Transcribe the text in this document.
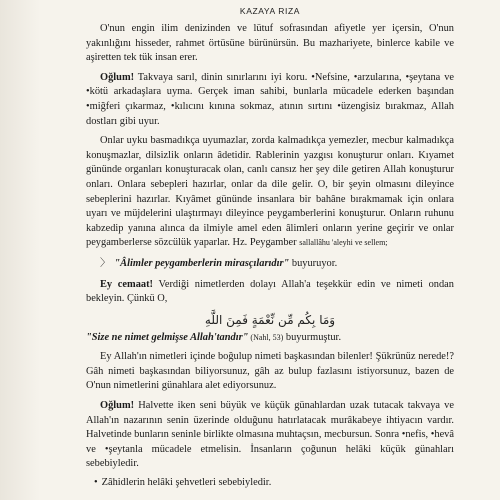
KAZAYA RIZA

O'nun engin ilim denizinden ve lütuf sofrasından afiyetle yer içersin, O'nun yakınlığını hisseder, rahmet örtüsüne bürünürsün. Bu mazhariyete, binlerce kabile ve aşiretten tek tük insan erer.

Oğlum! Takvaya sarıl, dinin sınırlarını iyi koru. •Nefsine, •arzularına, •şeytana ve •kötü arkadaşlara uyma. Gerçek iman sahibi, bunlarla mücadele ederken başından •miğferi çıkarmaz, •kılıcını kınına sokmaz, atının sırtını •üzengisiz bırakmaz, Allah dostları gibi uyur.

Onlar uyku basmadıkça uyumazlar, zorda kalmadıkça yemezler, mecbur kalmadıkça konuşmazlar, dilsizlik onların âdetidir. Rablerinin yazgısı konuşturur onları. Kıyamet gününde organları konuşturacak olan, canlı cansız her şey dile getiren Allah konuşturur onları. Onlara sebepleri hazırlar, onlar da dile gelir. O, bir şeyin olmasını dileyince sebeplerini hazırlar. Kıyâmet gününde insanlara bir bahâne bırakmamak için onlara uyarı ve müjdelerini ulaştırmayı dileyince peygamberlerini konuşturur. Onların ruhunu kabzedip yanına alınca da ilmiyle amel eden âlimleri onların yerine geçirir ve onlar peygamberlerse sözcülük yaparlar. Hz. Peygamber sallallâhu 'aleyhi ve sellem;

〉 "Âlimler peygamberlerin mirasçılarıdır" buyuruyor.

Ey cemaat! Verdiği nimetlerden dolayı Allah'a teşekkür edin ve nimeti ondan bekleyin. Çünkü O,

وَمَا بِكُم مِّن نِّعْمَةٍ فَمِنَ اللَّهِ

"Size ne nimet gelmişse Allah'tandır" (Nahl, 53) buyurmuştur.

Ey Allah'ın nimetleri içinde boğulup nimeti başkasından bilenler! Şükrünüz nerede!? Gâh nimeti başkasından biliyorsunuz, gâh az bulup fazlasını istiyorsunuz, bazen de O'nun nimetlerini günahlara alet ediyorsunuz.

Oğlum! Halvette iken seni büyük ve küçük günahlardan uzak tutacak takvaya ve Allah'ın nazarının senin üzerinde olduğunu hatırlatacak murâkabeye ihtiyacın vardır. Halvetinde bunların seninle birlikte olmasına muhtaçsın, mecbursun. Sonra •nefis, •hevâ ve •şeytanla mücadele etmelisin. İnsanların çoğunun helâki küçük günahları sebebiyledir.

• Zâhidlerin helâki şehvetleri sebebiyledir.
